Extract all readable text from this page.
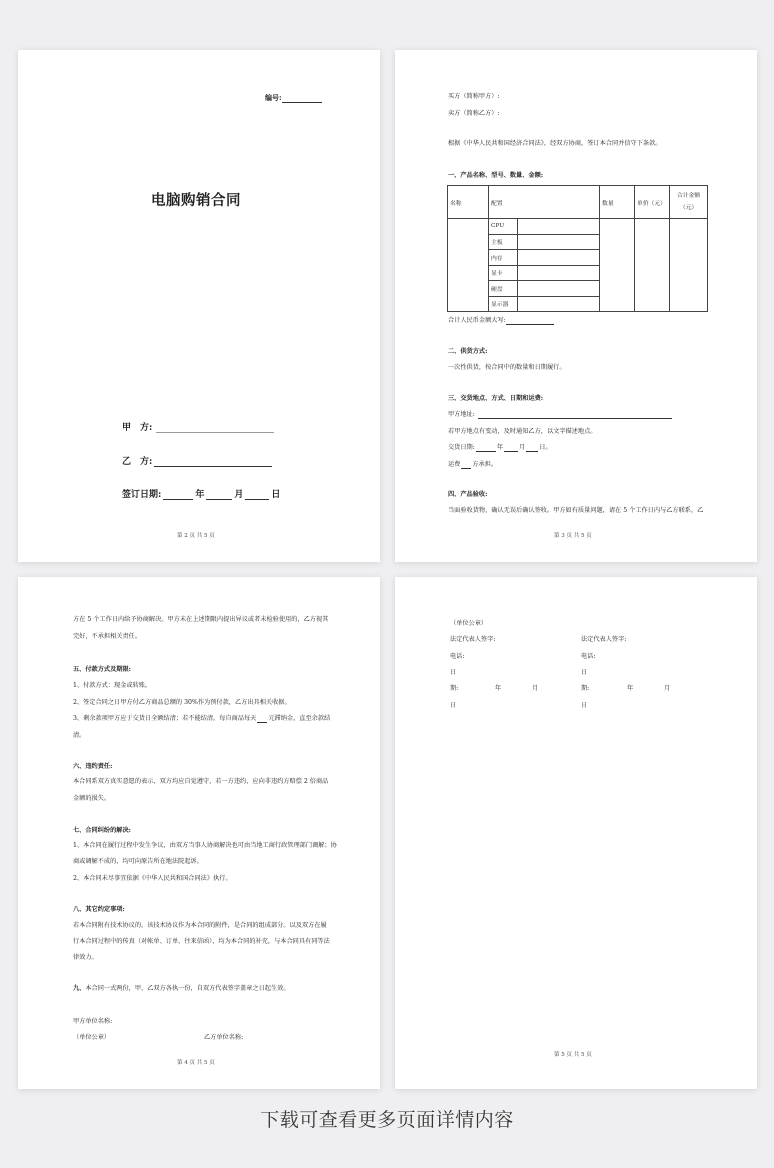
编号:
电脑购销合同
甲　方:
乙　方:
签订日期:	年	月	日
第 2 页 共 5 页
买方（简称甲方）:
卖方（简称乙方）:
根据《中华人民共和国经济合同法》，经双方协商，签订本合同并信守下条款。
一、产品名称、型号、数量、金额:
名称	配置		数量	单价（元）	合计金额
（元）
	CPU				
	主板				
	内存				
	显卡				
	硬盘				
	显示器				
合计人民币金额大写:
二、供货方式:
一次性供货，按合同中的数量和日期履行。
三、交货地点、方式、日期和运费:
甲方地址:
若甲方地点有变动，及时通知乙方，以文字描述地点。
交货日期:	年	月 日。
运费 方承担。
四、产品验收:
当面验收货物，确认无误后确认签收。甲方如有质量问题，请在 5 个工作日内与乙方联系，乙
第 3 页 共 5 页
方在 5 个工作日内给予协商解决。甲方未在上述期限内提出异议或者未检验使用的，乙方视其
完好，不承担相关责任。
五、付款方式及期限:
1、付款方式：现金或转账。
2、签定合同之日甲方付乙方商品总额的 30%作为预付款，乙方出具相关收据。
3、剩余款项甲方应于交货日全额结清；若不能结清，每自商品每天 元滞纳金，直至余款结
清。
六、违约责任:
本合同系双方真实意愿的表示，双方均应自觉遵守，若一方违约，应向非违约方赔偿 2 倍商品
金额的损失。
七、合同纠纷的解决:
1、本合同在履行过程中发生争议，由双方当事人协商解决也可由当地工商行政管理部门调解；协
商或调解不成的，均可向原告所在地法院起诉。
2、本合同未尽事宜依据《中华人民共和国合同法》执行。
八、其它约定事项:
若本合同附有技术协议的，该技术协议作为本合同的附件，是合同的组成部分。以及双方在履
行本合同过程中的传真（对帐单、订单、往来信函），均为本合同的补充，与本合同具有同等法
律效力。
九、本合同一式两份，甲、乙双方各执一份，自双方代表签字盖章之日起生效。
甲方单位名称:
（单位公章）	乙方单位名称:
第 4 页 共 5 页
（单位公章）
法定代表人签字:	法定代表人签字:
电话:	电话:
日	日
期:	年	月	期:	年	月
日	日
第 5 页 共 5 页
下载可查看更多页面详情内容
